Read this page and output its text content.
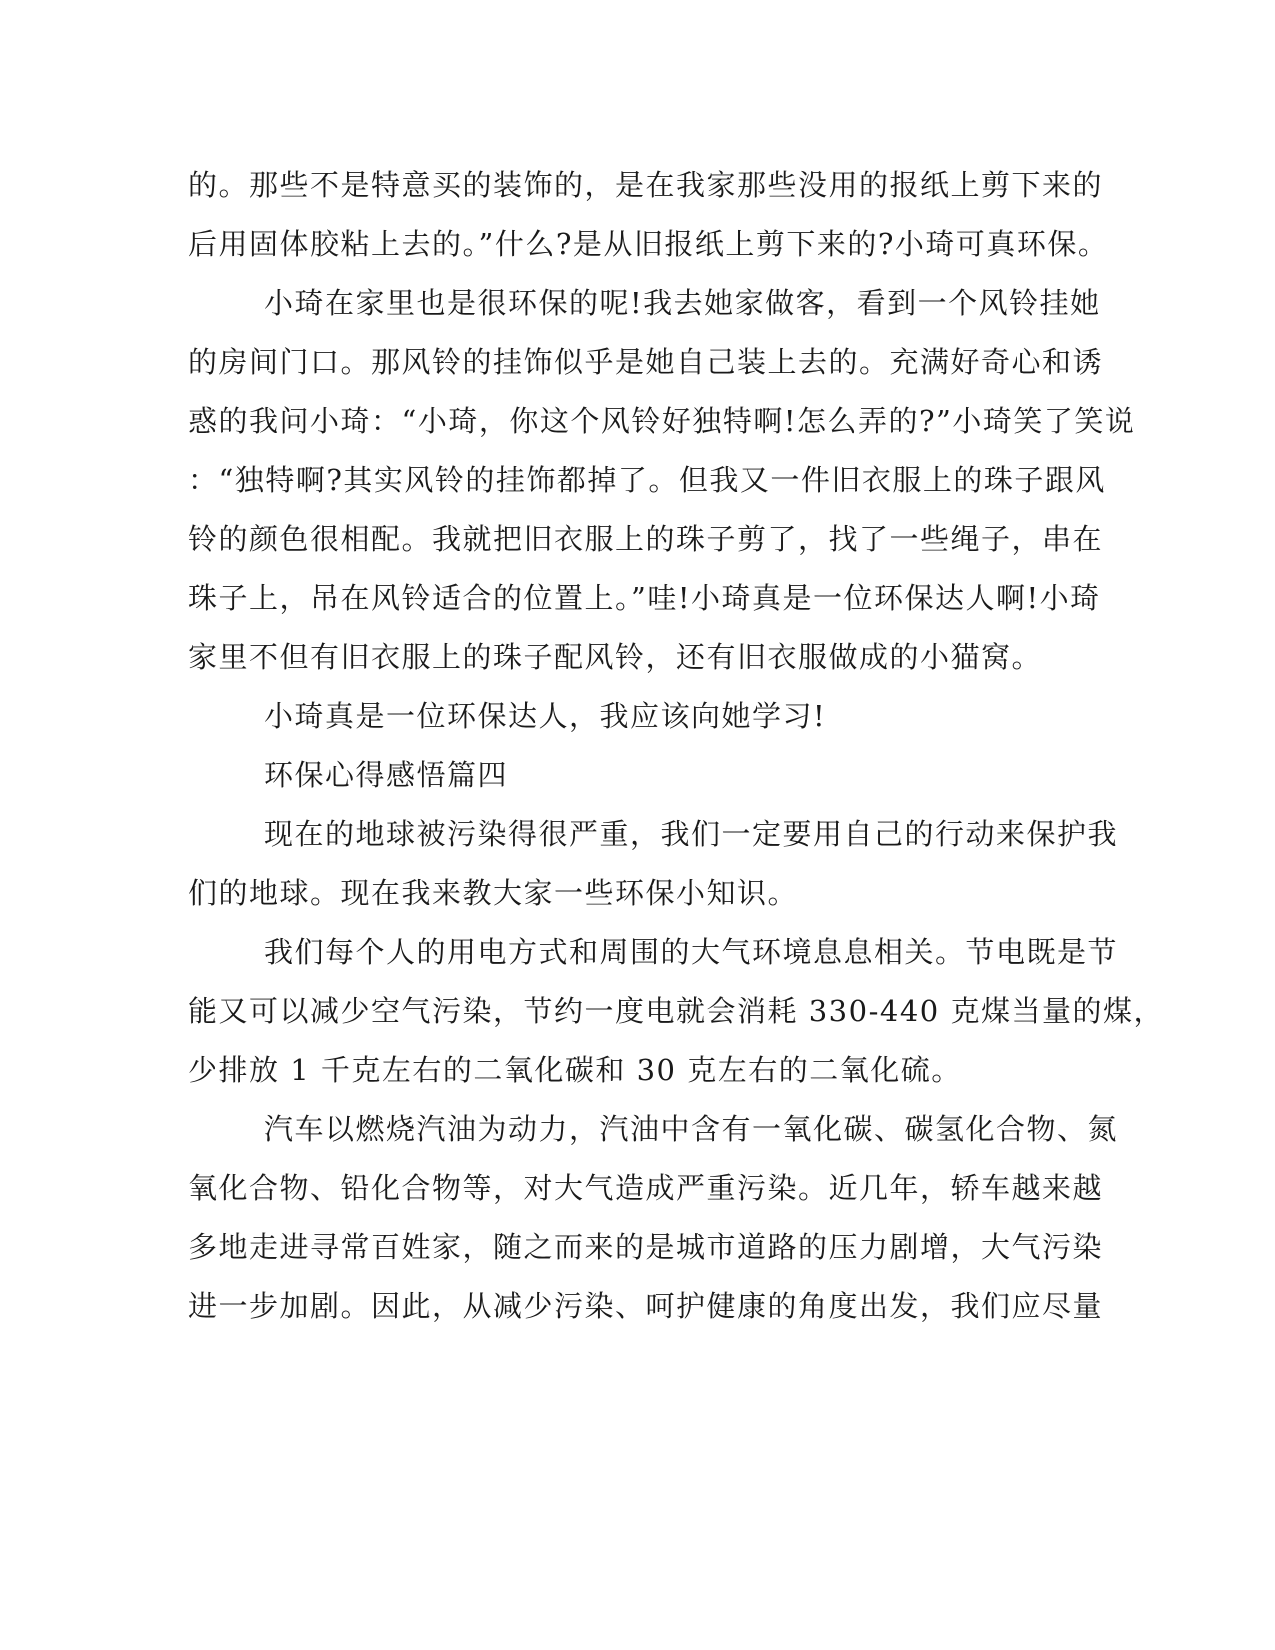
的。那些不是特意买的装饰的，是在我家那些没用的报纸上剪下来的
后用固体胶粘上去的。”什么?是从旧报纸上剪下来的?小琦可真环保。
小琦在家里也是很环保的呢!我去她家做客，看到一个风铃挂她
的房间门口。那风铃的挂饰似乎是她自己装上去的。充满好奇心和诱
惑的我问小琦：“小琦，你这个风铃好独特啊!怎么弄的?”小琦笑了笑说
：“独特啊?其实风铃的挂饰都掉了。但我又一件旧衣服上的珠子跟风
铃的颜色很相配。我就把旧衣服上的珠子剪了，找了一些绳子，串在
珠子上，吊在风铃适合的位置上。”哇!小琦真是一位环保达人啊!小琦
家里不但有旧衣服上的珠子配风铃，还有旧衣服做成的小猫窝。
小琦真是一位环保达人，我应该向她学习!
环保心得感悟篇四
现在的地球被污染得很严重，我们一定要用自己的行动来保护我
们的地球。现在我来教大家一些环保小知识。
我们每个人的用电方式和周围的大气环境息息相关。节电既是节
能又可以减少空气污染，节约一度电就会消耗 330-440 克煤当量的煤，
少排放 1 千克左右的二氧化碳和 30 克左右的二氧化硫。
汽车以燃烧汽油为动力，汽油中含有一氧化碳、碳氢化合物、氮
氧化合物、铅化合物等，对大气造成严重污染。近几年，轿车越来越
多地走进寻常百姓家，随之而来的是城市道路的压力剧增，大气污染
进一步加剧。因此，从减少污染、呵护健康的角度出发，我们应尽量
